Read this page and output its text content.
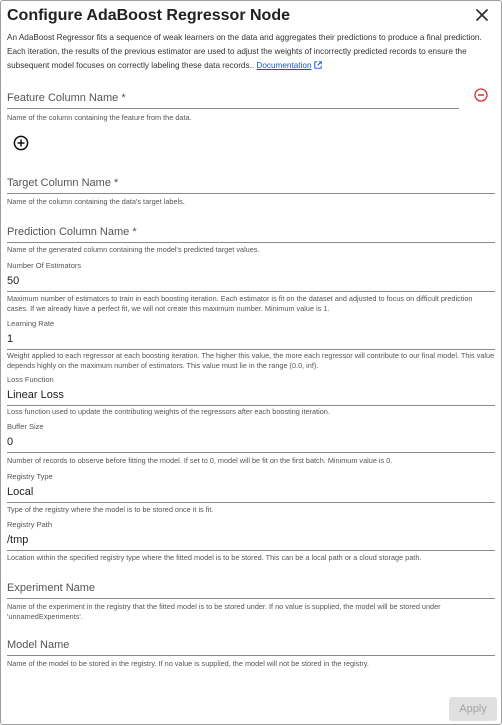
Configure AdaBoost Regressor Node
An AdaBoost Regressor fits a sequence of weak learners on the data and aggregates their predictions to produce a final prediction. Each iteration, the results of the previous estimator are used to adjust the weights of incorrectly predicted records to ensure the subsequent model focuses on correctly labeling these data records.. Documentation
Feature Column Name *
Name of the column containing the feature from the data.
Target Column Name *
Name of the column containing the data's target labels.
Prediction Column Name *
Name of the generated column containing the model's predicted target values.
Number Of Estimators
50
Maximum number of estimators to train in each boosting iteration. Each estimator is fit on the dataset and adjusted to focus on difficult prediction cases. If we already have a perfect fit, we will not create this maximum number. Minimum value is 1.
Learning Rate
1
Weight applied to each regressor at each boosting iteration. The higher this value, the more each regressor will contribute to our final model. This value depends highly on the maximum number of estimators. This value must lie in the range (0.0, inf).
Loss Function
Linear Loss
Loss function used to update the contributing weights of the regressors after each boosting iteration.
Buffer Size
0
Number of records to observe before fitting the model. If set to 0, model will be fit on the first batch. Minimum value is 0.
Registry Type
Local
Type of the registry where the model is to be stored once it is fit.
Registry Path
/tmp
Location within the specified registry type where the fitted model is to be stored. This can be a local path or a cloud storage path.
Experiment Name
Name of the experiment in the registry that the fitted model is to be stored under. If no value is supplied, the model will be stored under 'unnamedExperiments'.
Model Name
Name of the model to be stored in the registry. If no value is supplied, the model will not be stored in the registry.
Apply
